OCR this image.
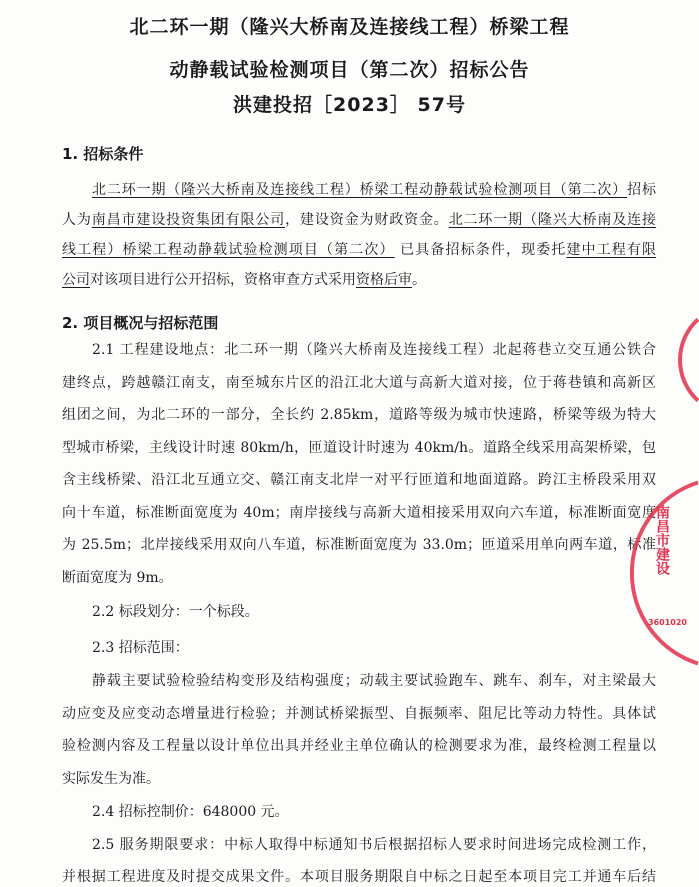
北二环一期（隆兴大桥南及连接线工程）桥梁工程
动静载试验检测项目（第二次）招标公告
洪建投招［2023］ 57号
1. 招标条件
北二环一期（隆兴大桥南及连接线工程）桥梁工程动静载试验检测项目（第二次）招标
人为南昌市建设投资集团有限公司，建设资金为财政资金。北二环一期（隆兴大桥南及连接
线工程）桥梁工程动静载试验检测项目（第二次） 已具备招标条件，现委托建中工程有限
公司对该项目进行公开招标，资格审查方式采用资格后审。
2. 项目概况与招标范围
2.1 工程建设地点：北二环一期（隆兴大桥南及连接线工程）北起蒋巷立交互通公铁合
建终点，跨越赣江南支，南至城东片区的沿江北大道与高新大道对接，位于蒋巷镇和高新区
组团之间，为北二环的一部分，全长约 2.85km，道路等级为城市快速路，桥梁等级为特大
型城市桥梁，主线设计时速 80km/h，匝道设计时速为 40km/h。道路全线采用高架桥梁，包
含主线桥梁、沿江北互通立交、赣江南支北岸一对平行匝道和地面道路。跨江主桥段采用双
向十车道，标准断面宽度为 40m；南岸接线与高新大道相接采用双向六车道，标准断面宽度
为 25.5m；北岸接线采用双向八车道，标准断面宽度为 33.0m；匝道采用单向两车道，标准
断面宽度为 9m。
2.2 标段划分：一个标段。
2.3 招标范围：
静载主要试验检验结构变形及结构强度；动载主要试验跑车、跳车、刹车，对主梁最大
动应变及应变动态增量进行检验；并测试桥梁振型、自振频率、阻尼比等动力特性。具体试
验检测内容及工程量以设计单位出具并经业主单位确认的检测要求为准，最终检测工程量以
实际发生为准。
2.4 招标控制价：648000 元。
2.5 服务期限要求：中标人取得中标通知书后根据招标人要求时间进场完成检测工作，
并根据工程进度及时提交成果文件。本项目服务期限自中标之日起至本项目完工并通车后结
南昌市建设
3601020
